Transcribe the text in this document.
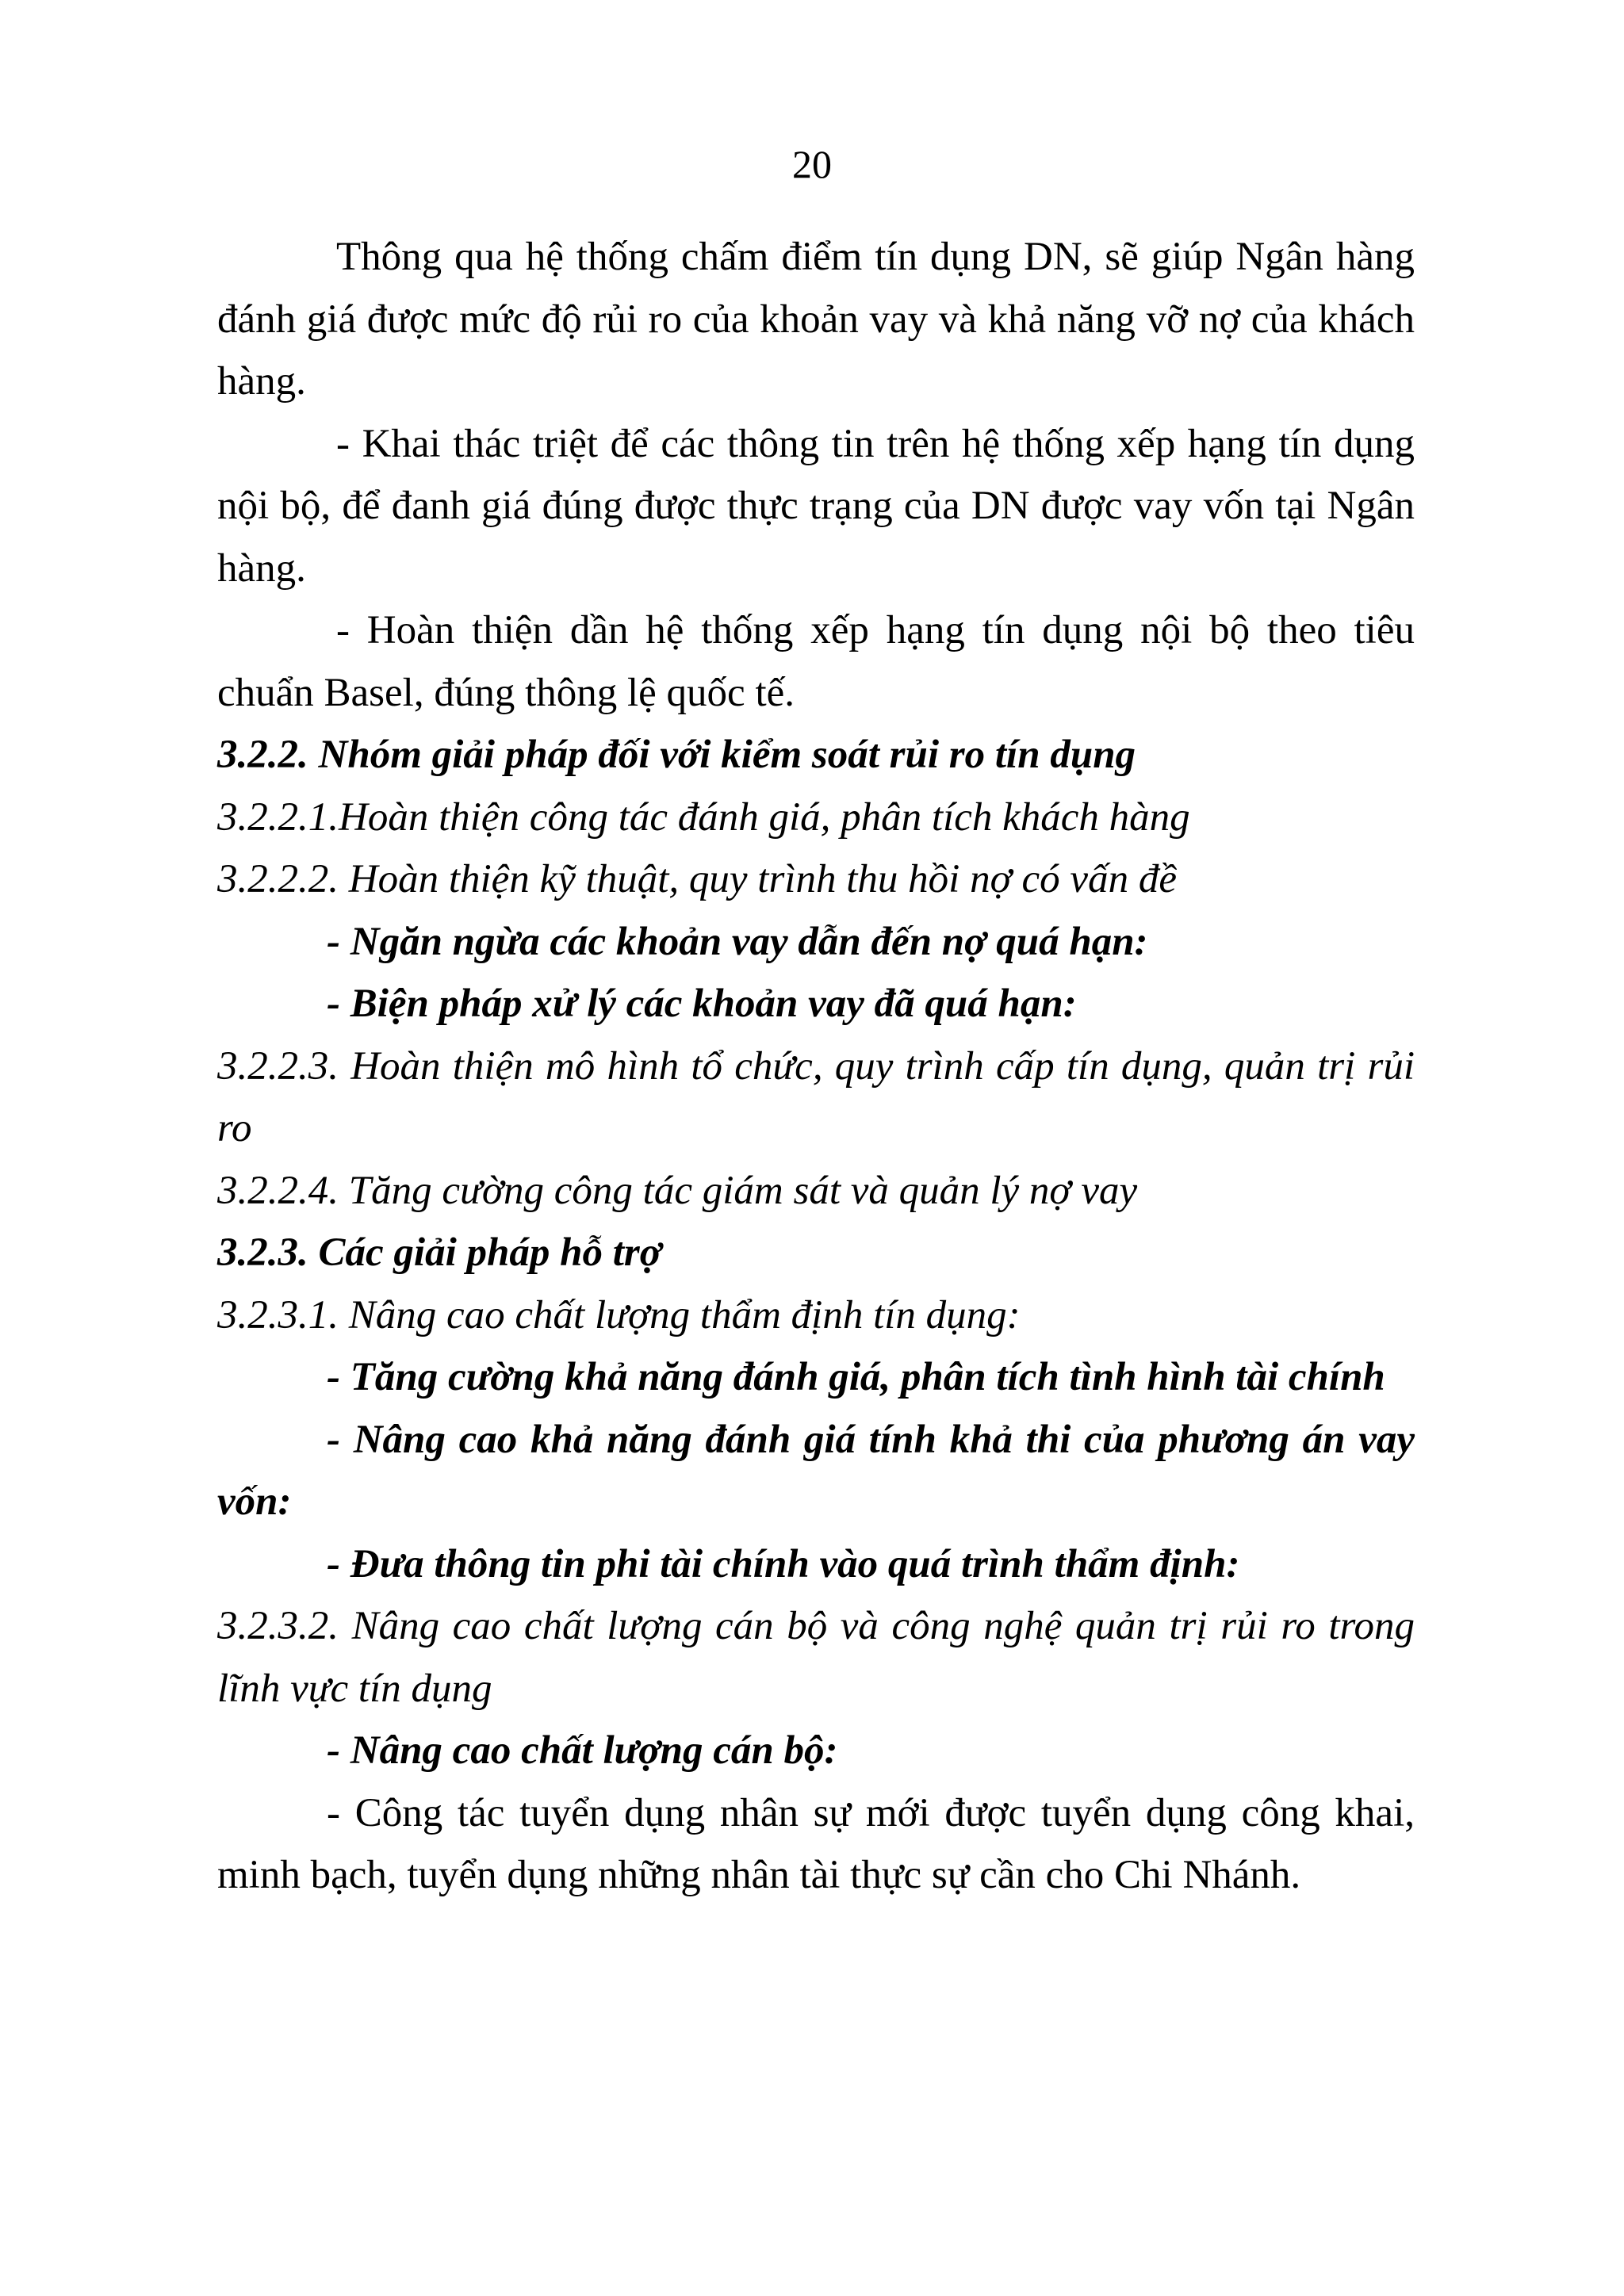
20

Thông qua hệ thống chấm điểm tín dụng DN, sẽ giúp Ngân hàng đánh giá được mức độ rủi ro của khoản vay và khả năng vỡ nợ của khách hàng.

- Khai thác triệt để các thông tin trên hệ thống xếp hạng tín dụng nội bộ, để đanh giá đúng được thực trạng của DN được vay vốn tại Ngân hàng.

- Hoàn thiện dần hệ thống xếp hạng tín dụng nội bộ theo tiêu chuẩn Basel, đúng thông lệ quốc tế.

3.2.2. Nhóm giải pháp đối với kiểm soát rủi ro tín dụng

3.2.2.1.Hoàn thiện công tác đánh giá, phân tích khách hàng

3.2.2.2. Hoàn thiện kỹ thuật, quy trình thu hồi nợ có vấn đề

- Ngăn ngừa các khoản vay dẫn đến nợ quá hạn:

- Biện pháp xử lý các khoản vay đã quá hạn:

3.2.2.3. Hoàn thiện mô hình tổ chức, quy trình cấp tín dụng, quản trị rủi ro

3.2.2.4. Tăng cường công tác giám sát và quản lý nợ vay

3.2.3. Các giải pháp hỗ trợ

3.2.3.1. Nâng cao chất lượng thẩm định tín dụng:

- Tăng cường khả năng đánh giá, phân tích tình hình tài chính

- Nâng cao khả năng đánh giá tính khả thi của phương án vay vốn:

- Đưa thông tin phi tài chính vào quá trình thẩm định:

3.2.3.2. Nâng cao chất lượng cán bộ và công nghệ quản trị rủi ro trong lĩnh vực tín dụng

- Nâng cao chất lượng cán bộ:

- Công tác tuyển dụng nhân sự mới được tuyển dụng công khai, minh bạch, tuyển dụng những nhân tài thực sự cần cho Chi Nhánh.
